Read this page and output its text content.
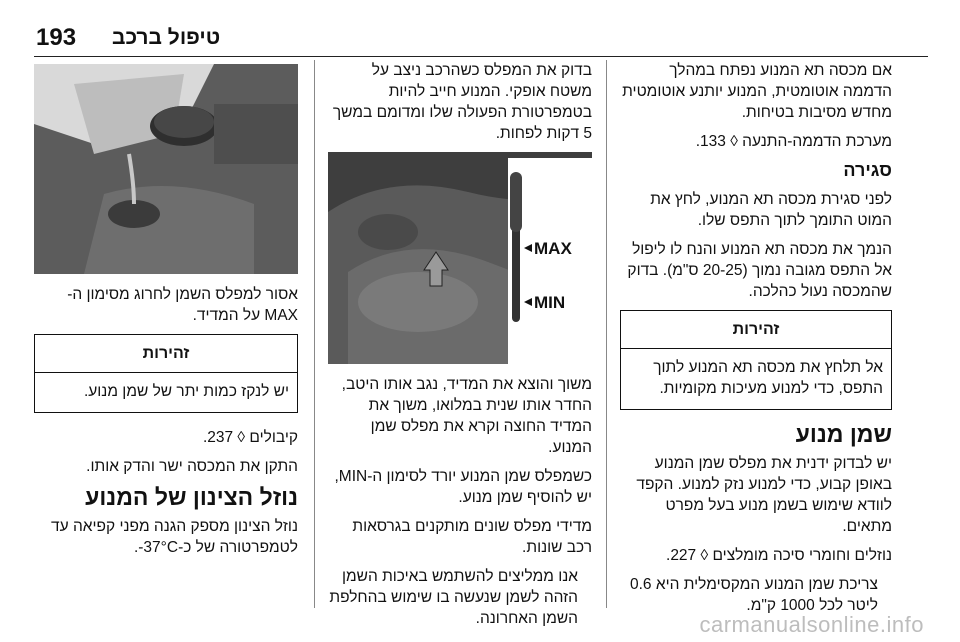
193 טיפול ברכב

אם מכסה תא המנוע נפתח במהלך הדממה אוטומטית, המנוע יותנע אוטומטית מחדש מסיבות בטיחות.

מערכת הדממה-התנעה ◊ 133.

סגירה

לפני סגירת מכסה תא המנוע, לחץ את המוט התומך לתוך התפס שלו.

הנמך את מכסה תא המנוע והנח לו ליפול אל התפס מגובה נמוך (20-25 ס"מ). בדוק שהמכסה נעול כהלכה.

זהירות
אל תלחץ את מכסה תא המנוע לתוך התפס, כדי למנוע מעיכות מקומיות.
שמן מנוע

יש לבדוק ידנית את מפלס שמן המנוע באופן קבוע, כדי למנוע נזק למנוע. הקפד לוודא שימוש בשמן מנוע בעל מפרט מתאים.

נוזלים וחומרי סיכה מומלצים ◊ 227.

צריכת שמן המנוע המקסימלית היא 0.6 ליטר לכל 1000 ק"מ.

בדוק את המפלס כשהרכב ניצב על משטח אופקי. המנוע חייב להיות בטמפרטורת הפעולה שלו ומדומם במשך 5 דקות לפחות.

MAX
MIN

משוך והוצא את המדיד, נגב אותו היטב, החדר אותו שנית במלואו, משוך את המדיד החוצה וקרא את מפלס שמן המנוע.

כשמפלס שמן המנוע יורד לסימון ה-MIN, יש להוסיף שמן מנוע.

מדידי מפלס שונים מותקנים בגרסאות רכב שונות.

אנו ממליצים להשתמש באיכות השמן הזהה לשמן שנעשה בו שימוש בהחלפת השמן האחרונה.

אסור למפלס השמן לחרוג מסימון ה-MAX על המדיד.

זהירות
יש לנקז כמות יתר של שמן מנוע.

קיבולים ◊ 237.

התקן את המכסה ישר והדק אותו.

נוזל הצינון של המנוע

נוזל הצינון מספק הגנה מפני קפיאה עד לטמפרטורה של כ-‎-37°C.

carmanualsonline.info
